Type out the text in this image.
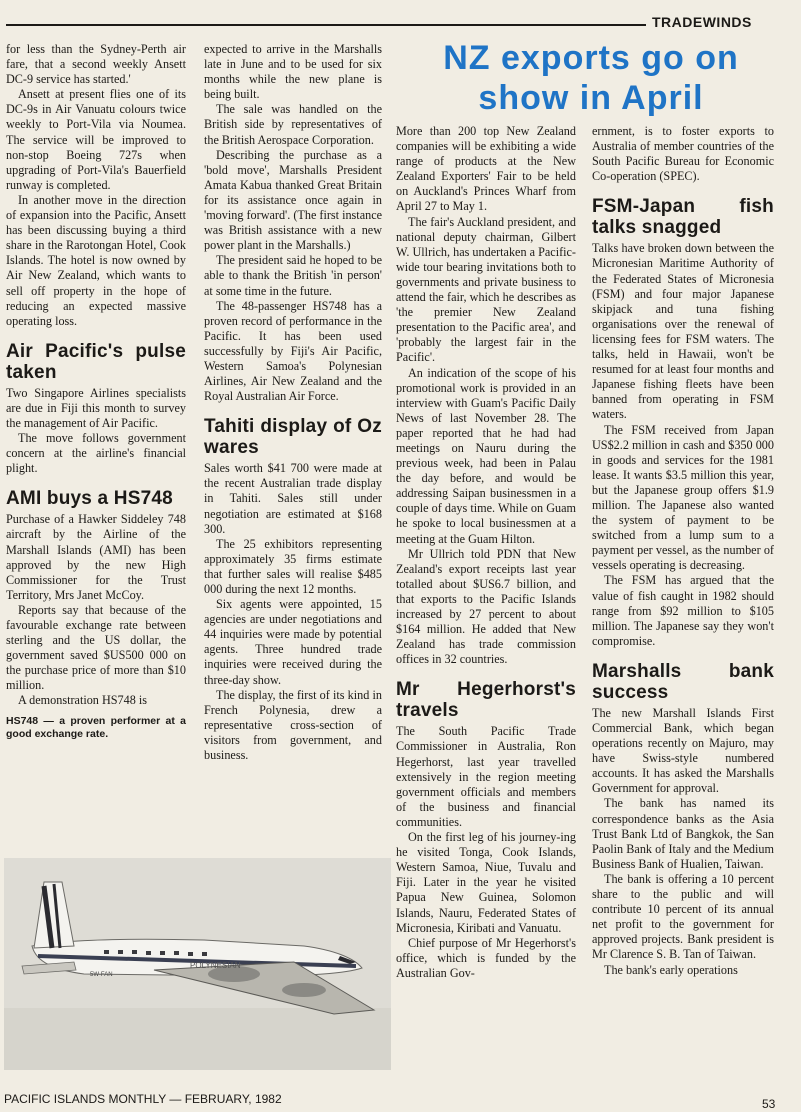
TRADEWINDS

for less than the Sydney-Perth air fare, that a second weekly Ansett DC-9 service has started.'

Ansett at present flies one of its DC-9s in Air Vanuatu colours twice weekly to Port-Vila via Noumea. The service will be improved to non-stop Boeing 727s when upgrading of Port-Vila's Bauerfield runway is completed.

In another move in the direction of expansion into the Pacific, Ansett has been discussing buying a third share in the Rarotongan Hotel, Cook Islands. The hotel is now owned by Air New Zealand, which wants to sell off property in the hope of reducing an expected massive operating loss.

Air Pacific's pulse taken

Two Singapore Airlines specialists are due in Fiji this month to survey the management of Air Pacific.

The move follows government concern at the airline's financial plight.

AMI buys a HS748

Purchase of a Hawker Siddeley 748 aircraft by the Airline of the Marshall Islands (AMI) has been approved by the new High Commissioner for the Trust Territory, Mrs Janet McCoy.

Reports say that because of the favourable exchange rate between sterling and the US dollar, the government saved $US500 000 on the purchase price of more than $10 million.

A demonstration HS748 is

HS748 — a proven performer at a good exchange rate.

expected to arrive in the Marshalls late in June and to be used for six months while the new plane is being built.

The sale was handled on the British side by representatives of the British Aerospace Corporation.

Describing the purchase as a 'bold move', Marshalls President Amata Kabua thanked Great Britain for its assistance once again in 'moving forward'. (The first instance was British assistance with a new power plant in the Marshalls.)

The president said he hoped to be able to thank the British 'in person' at some time in the future.

The 48-passenger HS748 has a proven record of performance in the Pacific. It has been used successfully by Fiji's Air Pacific, Western Samoa's Polynesian Airlines, Air New Zealand and the Royal Australian Air Force.

Tahiti display of Oz wares

Sales worth $41 700 were made at the recent Australian trade display in Tahiti. Sales still under negotiation are estimated at $168 300.

The 25 exhibitors representing approximately 35 firms estimate that further sales will realise $485 000 during the next 12 months.

Six agents were appointed, 15 agencies are under negotiations and 44 inquiries were made by potential agents. Three hundred trade inquiries were received during the three-day show.

The display, the first of its kind in French Polynesia, drew a representative cross-section of visitors from government, and business.

NZ exports go on show in April

More than 200 top New Zealand companies will be exhibiting a wide range of products at the New Zealand Exporters' Fair to be held on Auckland's Princes Wharf from April 27 to May 1.

The fair's Auckland president, and national deputy chairman, Gilbert W. Ullrich, has undertaken a Pacific-wide tour bearing invitations both to governments and private business to attend the fair, which he describes as 'the premier New Zealand presentation to the Pacific area', and 'probably the largest fair in the Pacific'.

An indication of the scope of his promotional work is provided in an interview with Guam's Pacific Daily News of last November 28. The paper reported that he had had meetings on Nauru during the previous week, had been in Palau the day before, and would be addressing Saipan businessmen in a couple of days time. While on Guam he spoke to local businessmen at a meeting at the Guam Hilton.

Mr Ullrich told PDN that New Zealand's export receipts last year totalled about $US6.7 billion, and that exports to the Pacific Islands increased by 27 percent to about $164 million. He added that New Zealand has trade commission offices in 32 countries.

Mr Hegerhorst's travels

The South Pacific Trade Commissioner in Australia, Ron Hegerhorst, last year travelled extensively in the region meeting government officials and members of the business and financial communities.

On the first leg of his journey-ing he visited Tonga, Cook Islands, Western Samoa, Niue, Tuvalu and Fiji. Later in the year he visited Papua New Guinea, Solomon Islands, Nauru, Federated States of Micronesia, Kiribati and Vanuatu.

Chief purpose of Mr Hegerhorst's office, which is funded by the Australian Gov-

ernment, is to foster exports to Australia of member countries of the South Pacific Bureau for Economic Co-operation (SPEC).

FSM-Japan fish talks snagged

Talks have broken down between the Micronesian Maritime Authority of the Federated States of Micronesia (FSM) and four major Japanese skipjack and tuna fishing organisations over the renewal of licensing fees for FSM waters. The talks, held in Hawaii, won't be resumed for at least four months and Japanese fishing fleets have been banned from operating in FSM waters.

The FSM received from Japan US$2.2 million in cash and $350 000 in goods and services for the 1981 lease. It wants $3.5 million this year, but the Japanese group offers $1.9 million. The Japanese also wanted the system of payment to be switched from a lump sum to a payment per vessel, as the number of vessels operating is decreasing.

The FSM has argued that the value of fish caught in 1982 should range from $92 million to $105 million. The Japanese say they won't compromise.

Marshalls bank success

The new Marshall Islands First Commercial Bank, which began operations recently on Majuro, may have Swiss-style numbered accounts. It has asked the Marshalls Government for approval.

The bank has named its correspondence banks as the Asia Trust Bank Ltd of Bangkok, the San Paolin Bank of Italy and the Medium Business Bank of Hualien, Taiwan.

The bank is offering a 10 percent share to the public and will contribute 10 percent of its annual net profit to the government for approved projects. Bank president is Mr Clarence S. B. Tan of Taiwan.

The bank's early operations

POLYNESIAN
5W-FAN
PACIFIC ISLANDS MONTHLY — FEBRUARY, 1982	53
